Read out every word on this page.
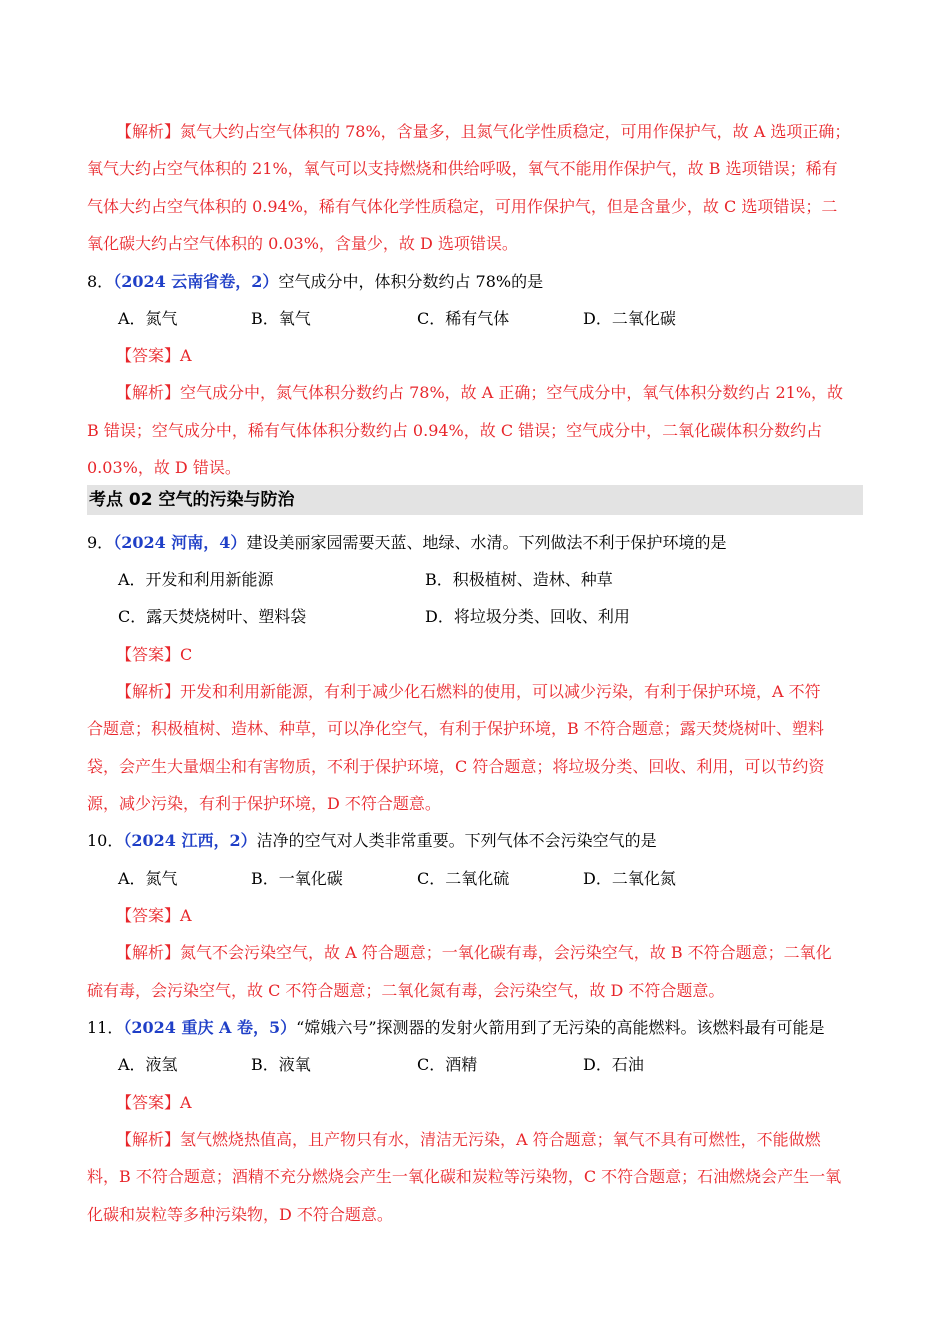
【解析】氮气大约占空气体积的 78%，含量多，且氮气化学性质稳定，可用作保护气，故 A 选项正确；
氧气大约占空气体积的 21%，氧气可以支持燃烧和供给呼吸，氧气不能用作保护气，故 B 选项错误；稀有
气体大约占空气体积的 0.94%，稀有气体化学性质稳定，可用作保护气，但是含量少，故 C 选项错误；二
氧化碳大约占空气体积的 0.03%，含量少，故 D 选项错误。
8．（2024 云南省卷，2）空气成分中，体积分数约占 78%的是
A．氮气	B．氧气	C．稀有气体	D．二氧化碳
【答案】A
【解析】空气成分中，氮气体积分数约占 78%，故 A 正确；空气成分中，氧气体积分数约占 21%，故
B 错误；空气成分中，稀有气体体积分数约占 0.94%，故 C 错误；空气成分中，二氧化碳体积分数约占
0.03%，故 D 错误。
考点 02 空气的污染与防治
9．（2024 河南，4）建设美丽家园需要天蓝、地绿、水清。下列做法不利于保护环境的是
A．开发和利用新能源	B．积极植树、造林、种草
C．露天焚烧树叶、塑料袋	D．将垃圾分类、回收、利用
【答案】C
【解析】开发和利用新能源，有利于减少化石燃料的使用，可以减少污染，有利于保护环境，A 不符
合题意；积极植树、造林、种草，可以净化空气，有利于保护环境，B 不符合题意；露天焚烧树叶、塑料
袋，会产生大量烟尘和有害物质，不利于保护环境，C 符合题意；将垃圾分类、回收、利用，可以节约资
源，减少污染，有利于保护环境，D 不符合题意。
10．（2024 江西，2）洁净的空气对人类非常重要。下列气体不会污染空气的是
A．氮气	B．一氧化碳	C．二氧化硫	D．二氧化氮
【答案】A
【解析】氮气不会污染空气，故 A 符合题意；一氧化碳有毒，会污染空气，故 B 不符合题意；二氧化
硫有毒，会污染空气，故 C 不符合题意；二氧化氮有毒，会污染空气，故 D 不符合题意。
11．（2024 重庆 A 卷，5）“嫦娥六号”探测器的发射火箭用到了无污染的高能燃料。该燃料最有可能是
A．液氢	B．液氧	C．酒精	D．石油
【答案】A
【解析】氢气燃烧热值高，且产物只有水，清洁无污染，A 符合题意；氧气不具有可燃性，不能做燃
料，B 不符合题意；酒精不充分燃烧会产生一氧化碳和炭粒等污染物，C 不符合题意；石油燃烧会产生一氧
化碳和炭粒等多种污染物，D 不符合题意。
